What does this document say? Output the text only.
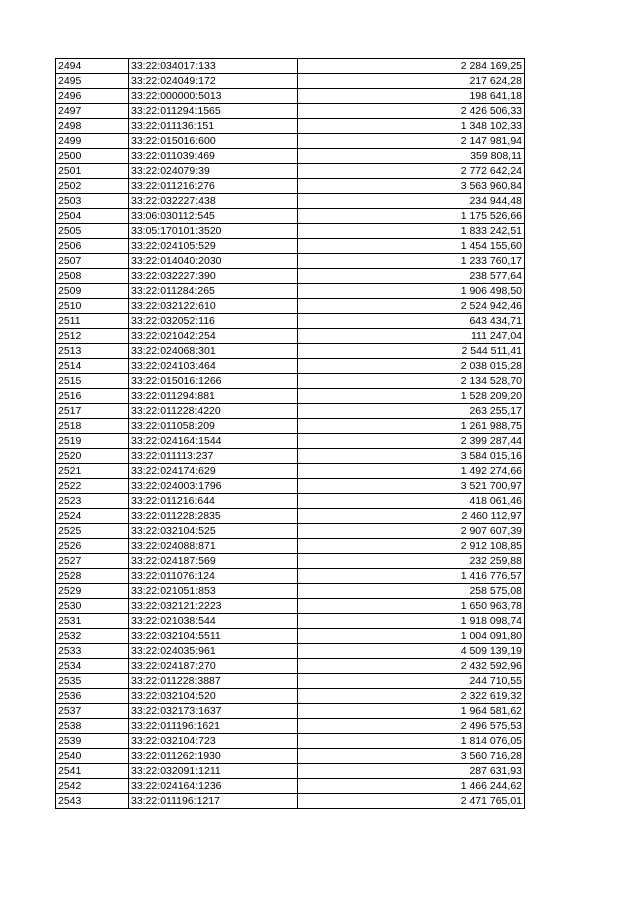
2494	33:22:034017:133	2 284 169,25
2495	33:22:024049:172	217 624,28
2496	33:22:000000:5013	198 641,18
2497	33:22:011294:1565	2 426 506,33
2498	33:22:011136:151	1 348 102,33
2499	33:22:015016:600	2 147 981,94
2500	33:22:011039:469	359 808,11
2501	33:22:024079:39	2 772 642,24
2502	33:22:011216:276	3 563 960,84
2503	33:22:032227:438	234 944,48
2504	33:06:030112:545	1 175 526,66
2505	33:05:170101:3520	1 833 242,51
2506	33:22:024105:529	1 454 155,60
2507	33:22:014040:2030	1 233 760,17
2508	33:22:032227:390	238 577,64
2509	33:22:011284:265	1 906 498,50
2510	33:22:032122:610	2 524 942,46
2511	33:22:032052:116	643 434,71
2512	33:22:021042:254	111 247,04
2513	33:22:024068:301	2 544 511,41
2514	33:22:024103:464	2 038 015,28
2515	33:22:015016:1266	2 134 528,70
2516	33:22:011294:881	1 528 209,20
2517	33:22:011228:4220	263 255,17
2518	33:22:011058:209	1 261 988,75
2519	33:22:024164:1544	2 399 287,44
2520	33:22:011113:237	3 584 015,16
2521	33:22:024174:629	1 492 274,66
2522	33:22:024003:1796	3 521 700,97
2523	33:22:011216:644	418 061,46
2524	33:22:011228:2835	2 460 112,97
2525	33:22:032104:525	2 907 607,39
2526	33:22:024088:871	2 912 108,85
2527	33:22:024187:569	232 259,88
2528	33:22:011076:124	1 416 776,57
2529	33:22:021051:853	258 575,08
2530	33:22:032121:2223	1 650 963,78
2531	33:22:021038:544	1 918 098,74
2532	33:22:032104:5511	1 004 091,80
2533	33:22:024035:961	4 509 139,19
2534	33:22:024187:270	2 432 592,96
2535	33:22:011228:3887	244 710,55
2536	33:22:032104:520	2 322 619,32
2537	33:22:032173:1637	1 964 581,62
2538	33:22:011196:1621	2 496 575,53
2539	33:22:032104:723	1 814 076,05
2540	33:22:011262:1930	3 560 716,28
2541	33:22:032091:1211	287 631,93
2542	33:22:024164:1236	1 466 244,62
2543	33:22:011196:1217	2 471 765,01
